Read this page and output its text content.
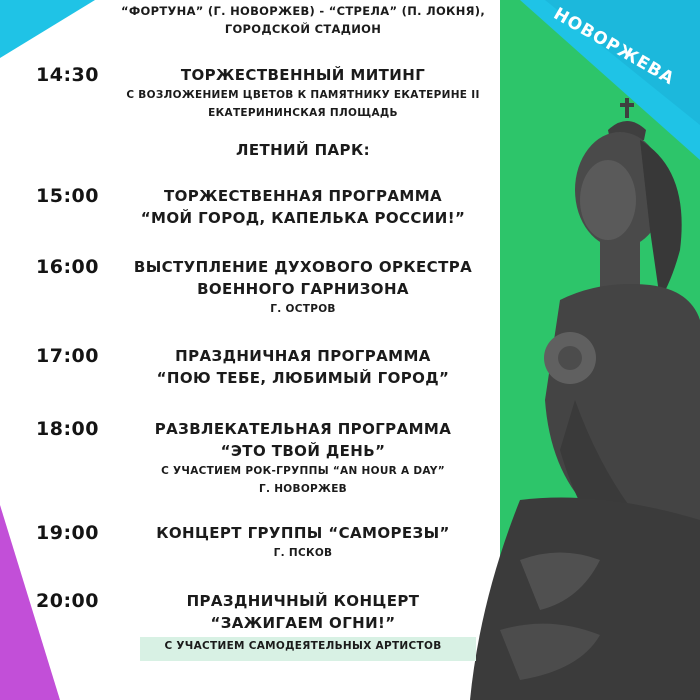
НОВОРЖЕВА
“ФОРТУНА” (Г. НОВОРЖЕВ) - “СТРЕЛА” (П. ЛОКНЯ),
ГОРОДСКОЙ СТАДИОН
14:30	ТОРЖЕСТВЕННЫЙ МИТИНГ
С ВОЗЛОЖЕНИЕМ ЦВЕТОВ К ПАМЯТНИКУ ЕКАТЕРИНЕ II
ЕКАТЕРИНИНСКАЯ ПЛОЩАДЬ
ЛЕТНИЙ ПАРК:
15:00	ТОРЖЕСТВЕННАЯ ПРОГРАММА
“МОЙ ГОРОД, КАПЕЛЬКА РОССИИ!”
16:00	ВЫСТУПЛЕНИЕ ДУХОВОГО ОРКЕСТРА
ВОЕННОГО ГАРНИЗОНА
Г. ОСТРОВ
17:00	ПРАЗДНИЧНАЯ ПРОГРАММА
“ПОЮ ТЕБЕ, ЛЮБИМЫЙ ГОРОД”
18:00	РАЗВЛЕКАТЕЛЬНАЯ ПРОГРАММА
“ЭТО ТВОЙ ДЕНЬ”
С УЧАСТИЕМ РОК-ГРУППЫ “AN HOUR A DAY”
Г. НОВОРЖЕВ
19:00	КОНЦЕРТ ГРУППЫ “САМОРЕЗЫ”
Г. ПСКОВ
20:00	ПРАЗДНИЧНЫЙ КОНЦЕРТ
“ЗАЖИГАЕМ ОГНИ!”
С УЧАСТИЕМ САМОДЕЯТЕЛЬНЫХ АРТИСТОВ
